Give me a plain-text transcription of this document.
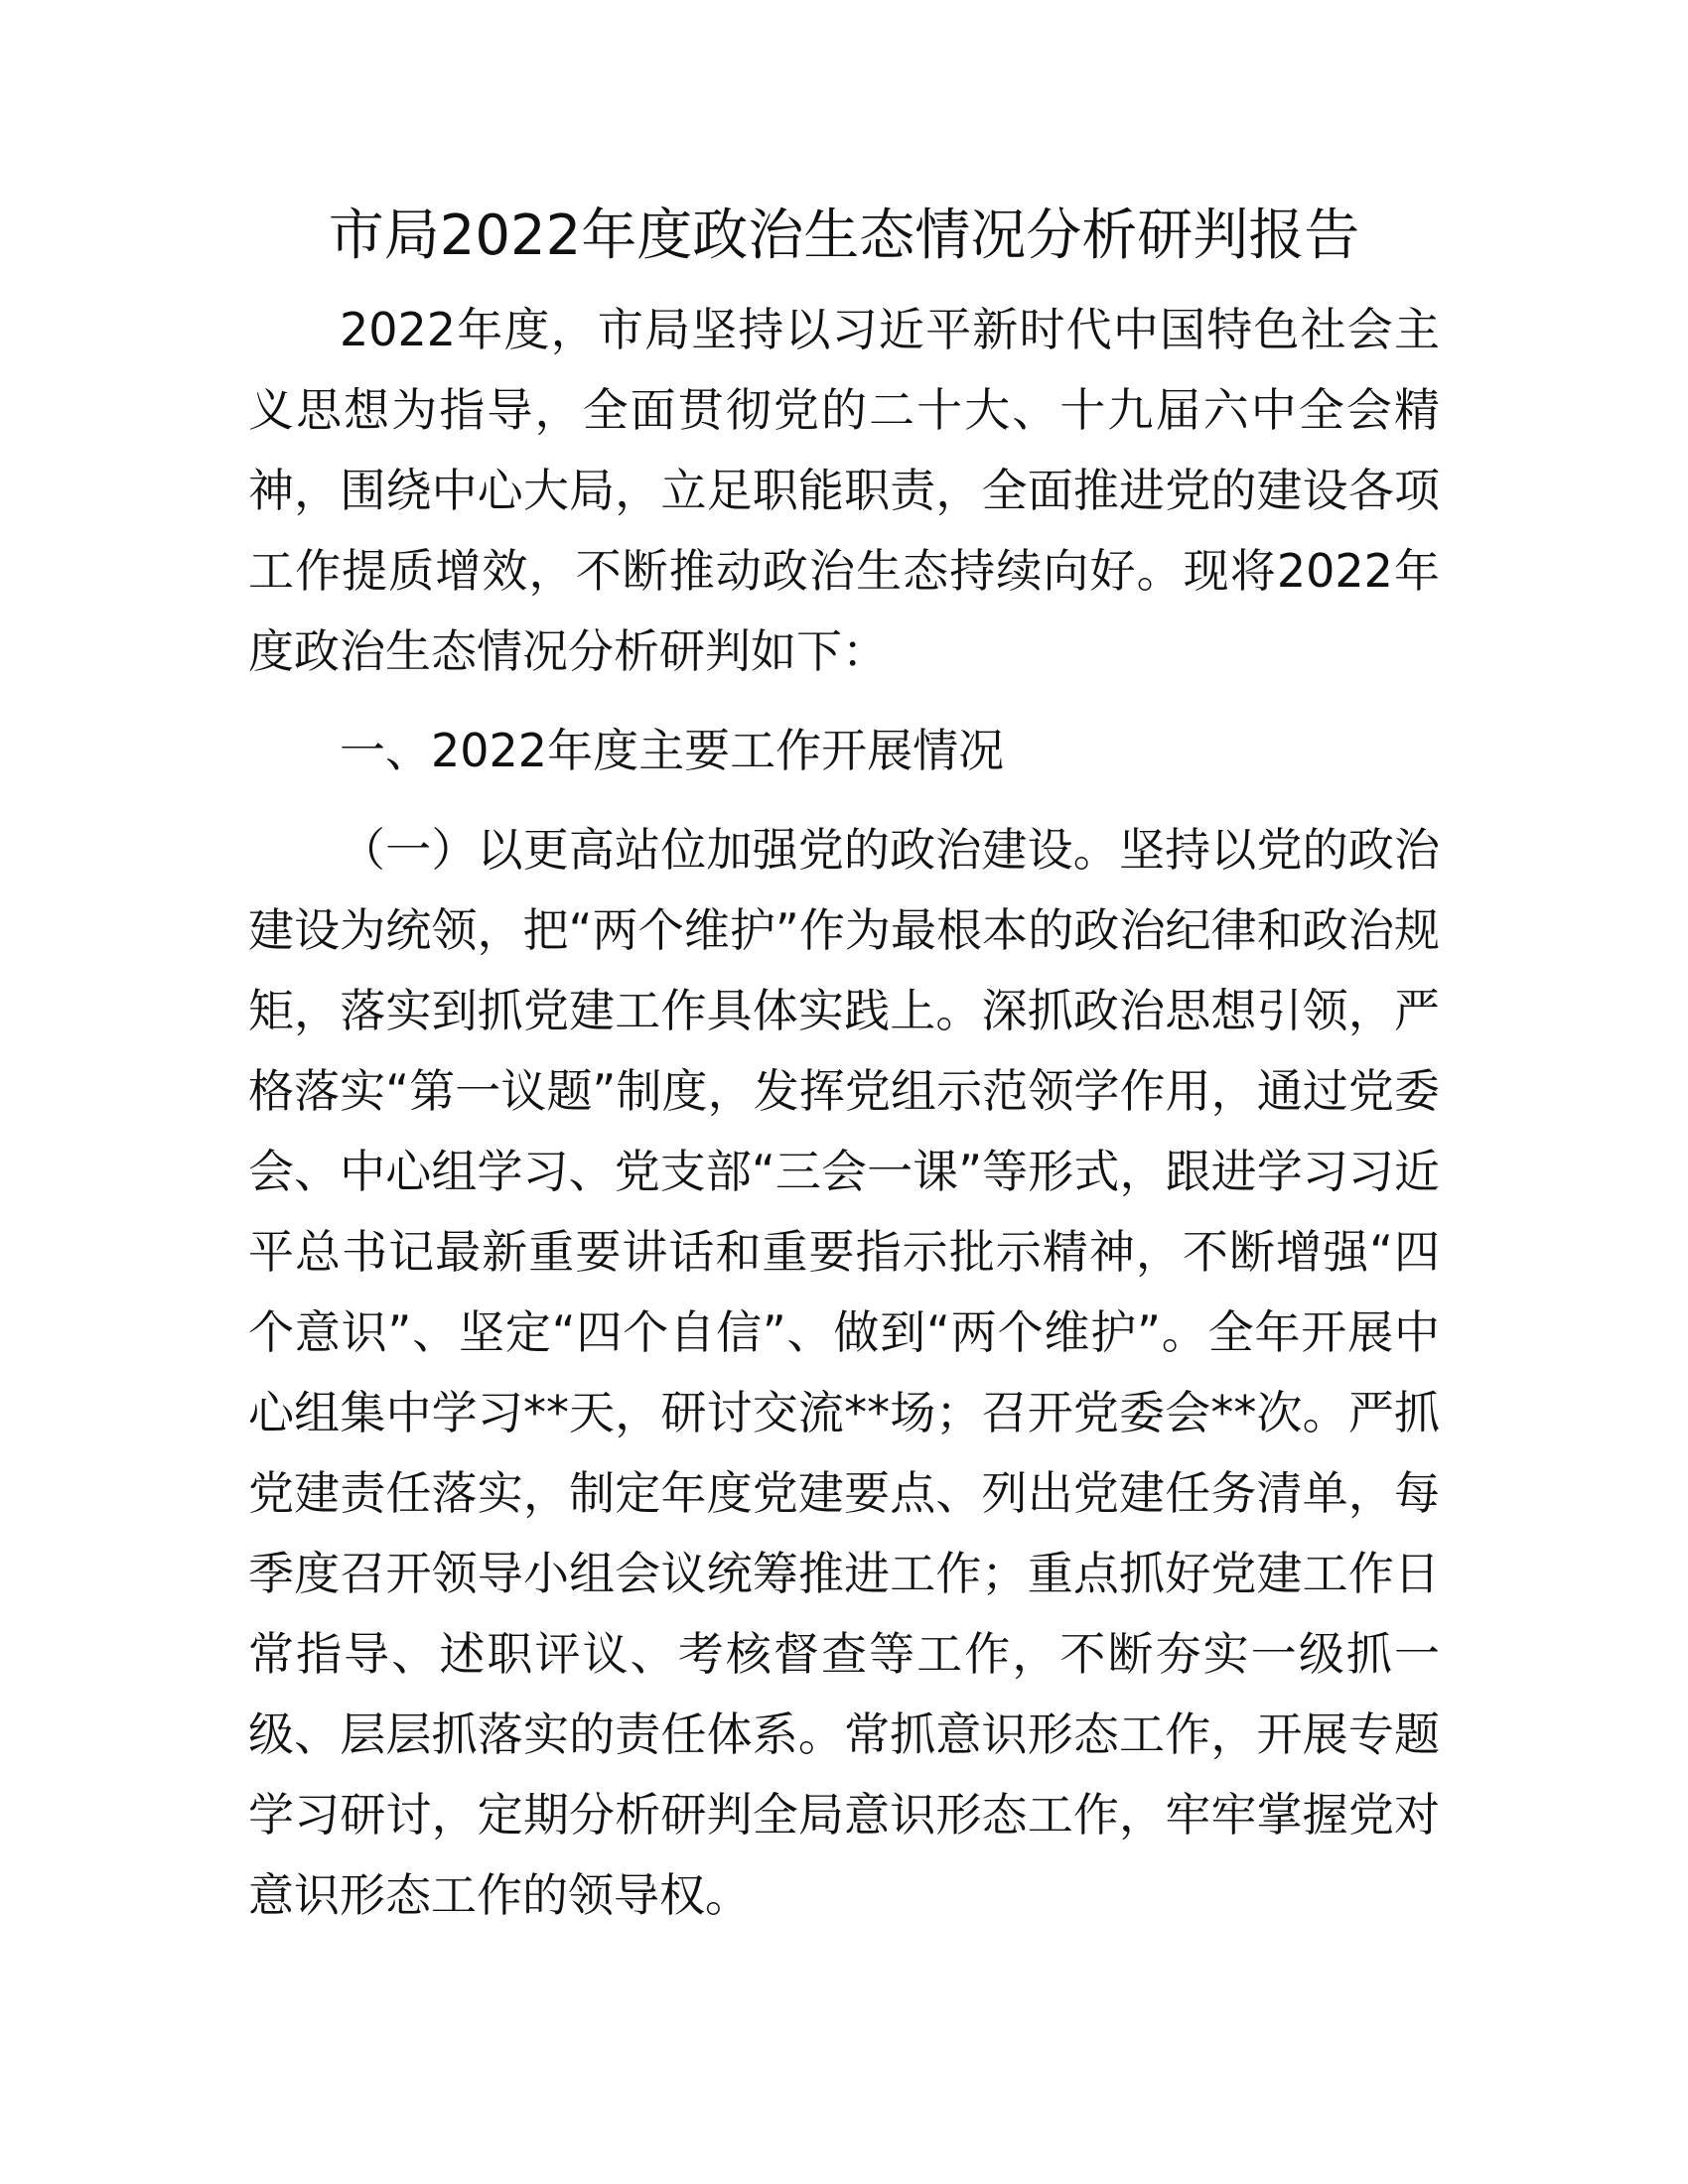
市局2022年度政治生态情况分析研判报告

2022年度，市局坚持以习近平新时代中国特色社会主义思想为指导，全面贯彻党的二十大、十九届六中全会精神，围绕中心大局，立足职能职责，全面推进党的建设各项工作提质增效，不断推动政治生态持续向好。现将2022年度政治生态情况分析研判如下：

一、2022年度主要工作开展情况

（一）以更高站位加强党的政治建设。坚持以党的政治建设为统领，把“两个维护”作为最根本的政治纪律和政治规矩，落实到抓党建工作具体实践上。深抓政治思想引领，严格落实“第一议题”制度，发挥党组示范领学作用，通过党委会、中心组学习、党支部“三会一课”等形式，跟进学习习近平总书记最新重要讲话和重要指示批示精神，不断增强“四个意识”、坚定“四个自信”、做到“两个维护”。全年开展中心组集中学习**天，研讨交流**场；召开党委会**次。严抓党建责任落实，制定年度党建要点、列出党建任务清单，每季度召开领导小组会议统筹推进工作；重点抓好党建工作日常指导、述职评议、考核督查等工作，不断夯实一级抓一级、层层抓落实的责任体系。常抓意识形态工作，开展专题学习研讨，定期分析研判全局意识形态工作，牢牢掌握党对意识形态工作的领导权。
